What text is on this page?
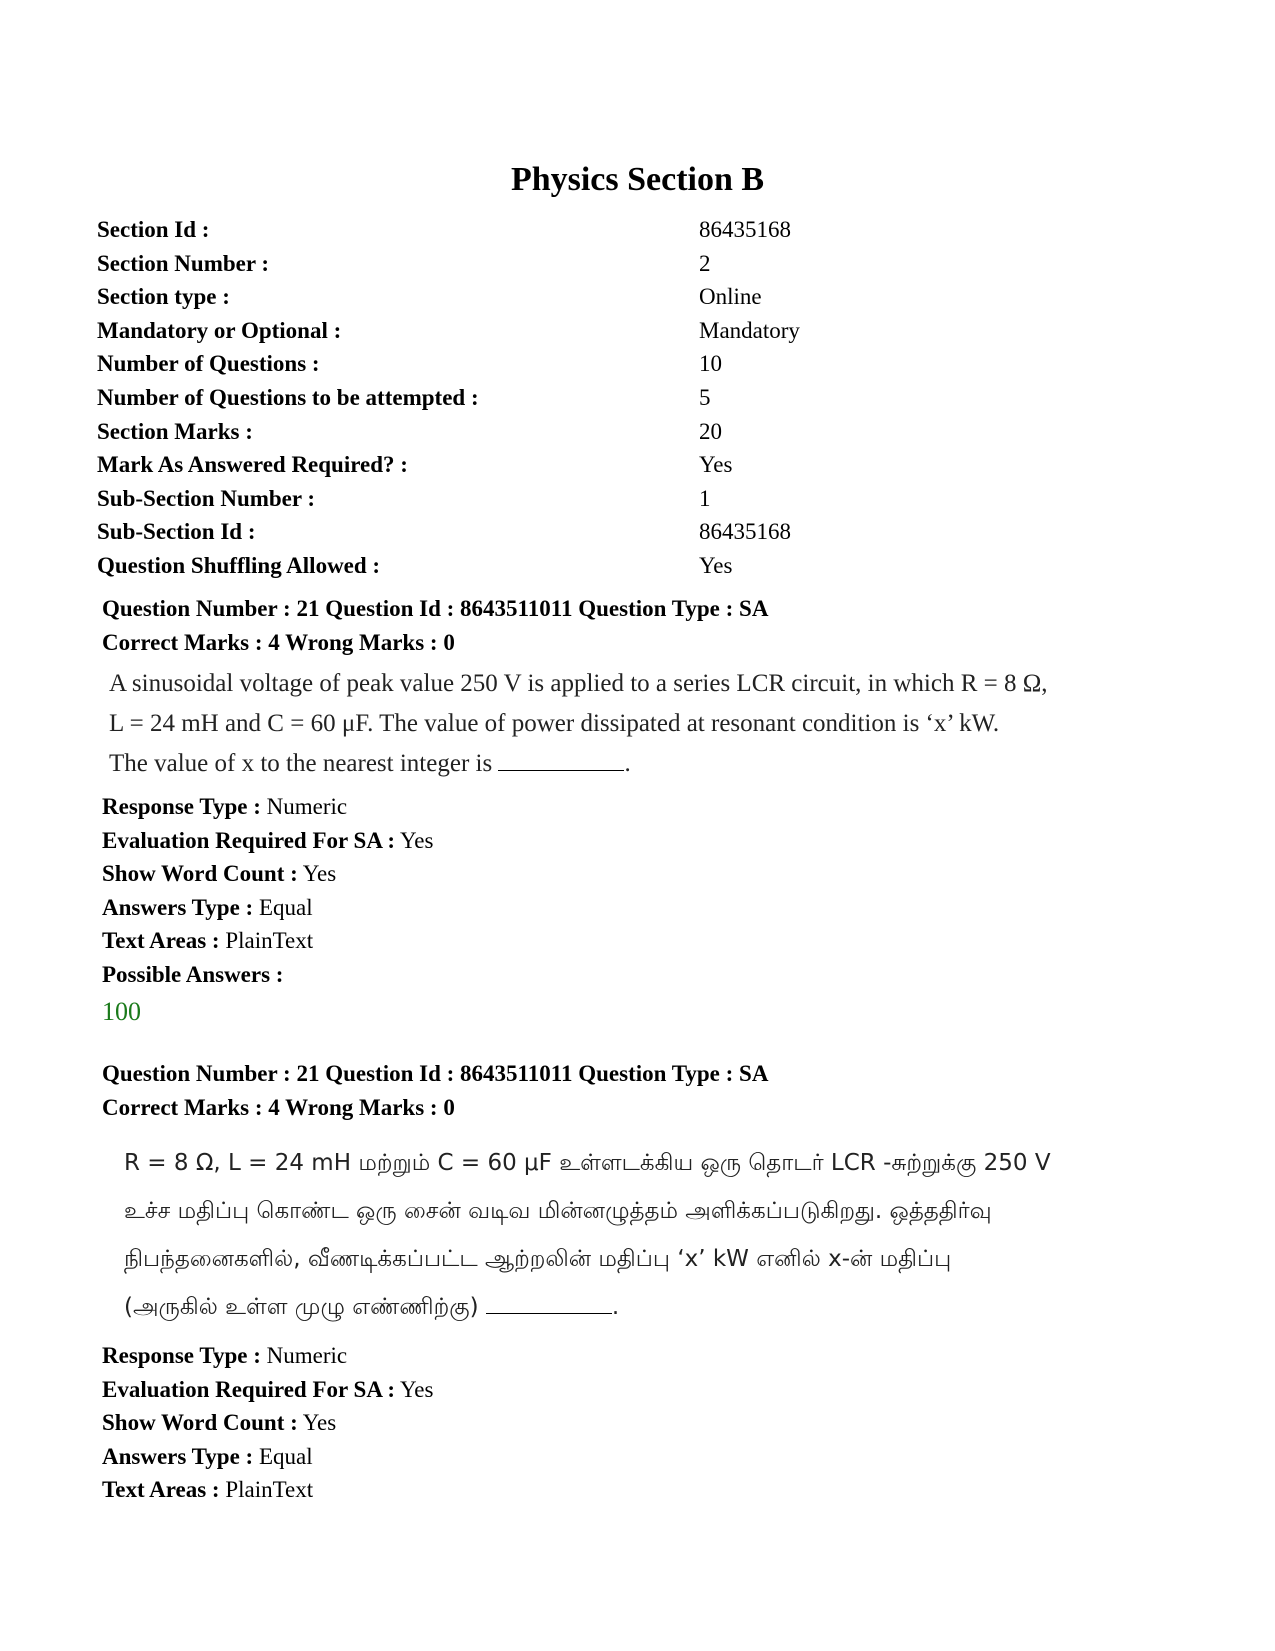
Physics Section B
Section Id :	86435168
Section Number :	2
Section type :	Online
Mandatory or Optional :	Mandatory
Number of Questions :	10
Number of Questions to be attempted :	5
Section Marks :	20
Mark As Answered Required? :	Yes
Sub-Section Number :	1
Sub-Section Id :	86435168
Question Shuffling Allowed :	Yes
Question Number : 21 Question Id : 8643511011 Question Type : SA
Correct Marks : 4 Wrong Marks : 0
A sinusoidal voltage of peak value 250 V is applied to a series LCR circuit, in which R = 8 Ω,
L = 24 mH and C = 60 μF. The value of power dissipated at resonant condition is ‘x’ kW.
The value of x to the nearest integer is	.
Response Type : Numeric
Evaluation Required For SA : Yes
Show Word Count : Yes
Answers Type : Equal
Text Areas : PlainText
Possible Answers :
100
Question Number : 21 Question Id : 8643511011 Question Type : SA
Correct Marks : 4 Wrong Marks : 0
R = 8 Ω, L = 24 mH மற்றும் C = 60 μF உள்ளடக்கிய ஒரு தொடர் LCR -சுற்றுக்கு 250 V
உச்ச மதிப்பு கொண்ட ஒரு சைன் வடிவ மின்னழுத்தம் அளிக்கப்படுகிறது. ஒத்ததிர்வு
நிபந்தனைகளில், வீணடிக்கப்பட்ட ஆற்றலின் மதிப்பு ‘x’ kW எனில் x-ன் மதிப்பு
(அருகில் உள்ள முழு எண்ணிற்கு)	.
Response Type : Numeric
Evaluation Required For SA : Yes
Show Word Count : Yes
Answers Type : Equal
Text Areas : PlainText
